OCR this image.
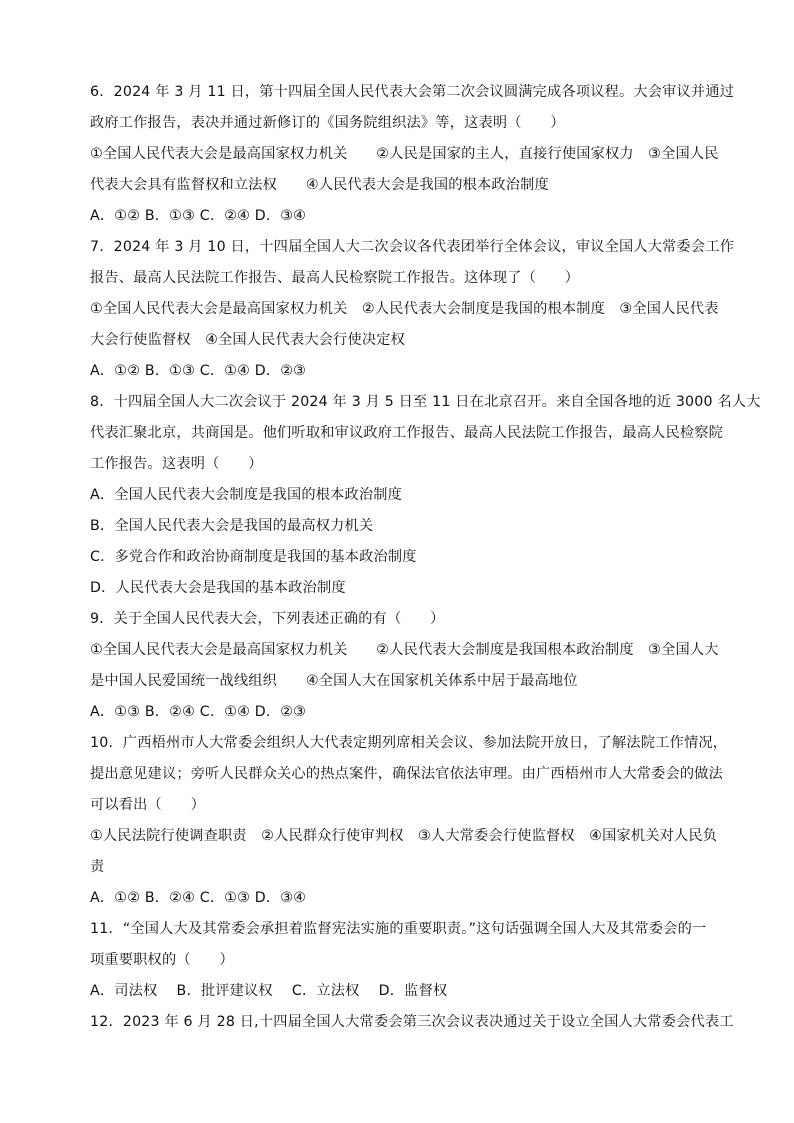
6．2024 年 3 月 11 日，第十四届全国人民代表大会第二次会议圆满完成各项议程。大会审议并通过
政府工作报告，表决并通过新修订的《国务院组织法》等，这表明（　　）
①全国人民代表大会是最高国家权力机关　　②人民是国家的主人，直接行使国家权力　③全国人民
代表大会具有监督权和立法权　　④人民代表大会是我国的根本政治制度
A．①② B．①③ C．②④ D．③④
7．2024 年 3 月 10 日，十四届全国人大二次会议各代表团举行全体会议，审议全国人大常委会工作
报告、最高人民法院工作报告、最高人民检察院工作报告。这体现了（　　）
①全国人民代表大会是最高国家权力机关　②人民代表大会制度是我国的根本制度　③全国人民代表
大会行使监督权　④全国人民代表大会行使决定权
A．①② B．①③ C．①④ D．②③
8．十四届全国人大二次会议于 2024 年 3 月 5 日至 11 日在北京召开。来自全国各地的近 3000 名人大
代表汇聚北京，共商国是。他们听取和审议政府工作报告、最高人民法院工作报告，最高人民检察院
工作报告。这表明（　　）
A．全国人民代表大会制度是我国的根本政治制度
B．全国人民代表大会是我国的最高权力机关
C．多党合作和政治协商制度是我国的基本政治制度
D．人民代表大会是我国的基本政治制度
9．关于全国人民代表大会，下列表述正确的有（　　）
①全国人民代表大会是最高国家权力机关　　②人民代表大会制度是我国根本政治制度　③全国人大
是中国人民爱国统一战线组织　　④全国人大在国家机关体系中居于最高地位
A．①③ B．②④ C．①④ D．②③
10．广西梧州市人大常委会组织人大代表定期列席相关会议、参加法院开放日，了解法院工作情况，
提出意见建议；旁听人民群众关心的热点案件，确保法官依法审理。由广西梧州市人大常委会的做法
可以看出（　　）
①人民法院行使调查职责　②人民群众行使审判权　③人大常委会行使监督权　④国家机关对人民负
责
A．①② B．②④ C．①③ D．③④
11．“全国人大及其常委会承担着监督宪法实施的重要职责。”这句话强调全国人大及其常委会的一
项重要职权的（　　）
A．司法权　 B．批评建议权　 C．立法权　 D．监督权
12．2023 年 6 月 28 日,十四届全国人大常委会第三次会议表决通过关于设立全国人大常委会代表工
